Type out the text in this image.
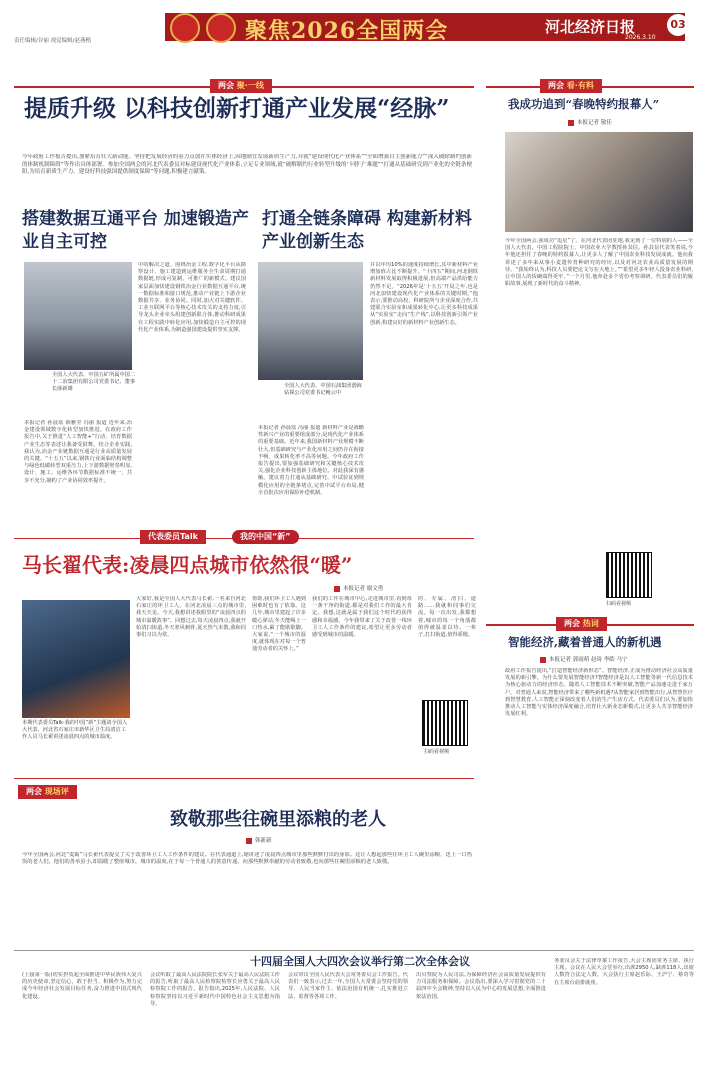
聚焦2026全国两会	河北经济日报
2026.3.10
03
责任编辑/谷丽 视觉编辑/赵燕楷
两会 聚·一线
提质升级 以科技创新打通产业发展“经脉”
今年政府工作报告提出,加紧培育壮大新动能。坚持把发展经济的着力点放在实体经济上,因地制宜发展新质生产力,并就“建设现代化产业体系”“全面增强自主创新能力”“深入破除制约创新的体制机制障碍”等作出具体部署。参加全国两会的河北代表委员对标建设现代化产业体系,立足专业领域,就“破解制约行业转型升级的‘卡脖子’难题”“打通从基础研究到产业化的全链条梗阻,为培育新质生产力、建设好科技强国提供制度保障”等问题,积极建言献策。
搭建数据互通平台 加速锻造产业自主可控
全国人大代表、中国五矿所属中国二十二冶集团有限公司党委书记、董事长薛新雄
本报记者 孙晨瑶 薛雅莹 冯丽 报道 近年来,冶金建设领域数字化转型加快推进。在政府工作报告中,关于推进“人工智能+”行动、培育数据产业生态等表述让我备受鼓舞。结合企业实践,我认为,冶金产业链数据互通是行业高质量发展的关键。“十五五”以来,钢铁行业面临结构调整与绿色低碳转型双重压力,上下游数据壁垒明显,设计、施工、运维各环节数据标准不统一、共享不充分,制约了产业协同效率提升。
中的解决之道。围绕冶金工程,数字化平台从勘察设计、施工建造到运维服务全生命周期打通数据链,形成可复制、可推广的新模式。建议国家层面加快建设钢铁冶金行业数据互通平台,统一数据标准和接口规范,推动产业链上下游企业数据共享、业务协同。同时,加大对关键软件、工业互联网平台等核心技术攻关的支持力度,引导龙头企业牵头组建创新联合体,推动科研成果在工程实践中转化应用,加快锻造自主可控的现代化产业体系,为制造强国建设提供坚实支撑。
打通全链条障碍 构建新材料产业创新生态
全国人大代表、中国石油集团渤海钻探公司党委书记鲍云中
本报记者 孙晨瑶 冯丽 报道 新材料产业是战略性新兴产业的重要组成部分,是现代化产业体系的重要基础。近年来,我国新材料产业规模不断壮大,但基础研究与产业化应用之间仍存在衔接不畅、成果转化率不高等问题。今年政府工作报告提出,要加强基础研究和关键核心技术攻关,强化企业科技创新主体地位。对此我深有感触。建议着力打通从基础研究、中试验证到规模化应用的全链条堵点,完善中试平台布局,健全首批次应用保险补偿机制。
并以年均10%的速度持续增长,其中新材料产业增加值占比不断提升。“十四五”期间,河北钢铁新材料发展取得积极进展,但高端产品供给能力仍然不足。“2026年是‘十五五’开局之年,也是河北加快建设现代化产业体系的关键时期。”他表示,要推动高校、科研院所与企业深度合作,共建联合实验室和成果转化中心,让更多科技成果从“实验室”走向“生产线”,以科技创新引领产业创新,构建良好的新材料产业创新生态。
代表委员Talk	我的中国“新”
马长翟代表:凌晨四点城市依然很“暖”
本报记者 谢文勇
本期代表委员Talk·我的中国“新”主题请全国人大代表、河北省石家庄市新华区卫生局清洁工作人员马长翟讲述凌晨四点的城市温度。
大家好,我是全国人大代表马长翟,一名来自河北石家庄的环卫工人。在河北凌晨三点的城市里,我天天见。今天,我想讲述我眼里的“凌晨四点的城市温暖故事”。回想过去,每天凌晨四点,我就开始清扫街道,冬天寒风刺骨,夏天热气未散,我和同事们习以为常。
帮助,我们环卫工人遇到困难时也有了依靠。这几年,城市里建起了许多暖心驿站,冬天能喝上一口热水,累了能歇歇脚。大家说,“一个城市的温度,就体现在对每一个普通劳动者的关怀上。”
我们的工作在城市中心,走进城市里,看到每一条干净的街道,都是对我们工作的最大肯定。我想,这就是属于我们这个时代的获得感和幸福感。今年我带来了关于改善一线环卫工人工作条件的建议,希望让更多劳动者感受到城市的温暖。
的、专属、清扫、道路……我就和同事们交流。每一次出发,我都想着,城市的每一个角落都值得被温柔以待。一辈子,打扫街道,值得骄傲。
扫码看视频
两会 现场评
致敬那些往碗里添粮的老人
韩新新
今年全国两会,河北“麦霸”马长翟代表提交了关于改善环卫工人工作条件的建议。在代表通道上,她讲述了凌晨四点城市里那些默默付出的身影。这让人想起那些往环卫工人碗里添粮、送上一口热饭的老人们。他们的善举虽小,却温暖了整座城市。城市的温度,在于每一个普通人的善意传递。向那些默默奉献的劳动者致敬,也向那些往碗里添粮的老人致敬。
两会 看·有料
我成功追到“春晚特约报幕人”
本报记者 敬佳
今年全国两会,我成功“追星”了。在河北代表团驻地,我见到了一位特别的人——全国人大代表、中国工程院院士、中国农业大学教授孙其信。孙其信代表笑着说,今年他还担任了春晚的特约报幕人,让更多人了解了中国农业科技发展成就。他向我讲述了多年来从事小麦遗传育种研究的经历,以及对河北农业高质量发展的期待。“我始终认为,科技人员要把论文写在大地上。”“希望更多年轻人投身农业科研,让中国人的饭碗端得更牢。”一个月里,他奔赴多个省份考察调研。代表委员们的履职故事,展现了新时代的奋斗精神。
扫码看视频
两会 热词
智能经济,藏着普通人的新机遇
本报记者 郭雨萌 赵琦 李皓 马宁
政府工作报告提出,“打造智能经济新形态”。智能经济,正成为推动经济社会高质量发展的新引擎。为什么要发展智能经济?智能经济是以人工智能等新一代信息技术为核心驱动力的经济形态。随着人工智能技术不断突破,智能产品加速走进千家万户。对普通人来说,智能经济带来了哪些新机遇?从智能家居到智能出行,从智慧医疗到智慧教育,人工智能正深刻改变着人们的生产生活方式。代表委员们认为,要加快推动人工智能与实体经济深度融合,培育壮大新业态新模式,让更多人共享智能经济发展红利。
十四届全国人大四次会议举行第二次全体会议
(上接第一版)切实担负起全面推进中华民族伟大复兴的历史使命,坚定信心、敢于担当、积极作为,努力完成今年经济社会发展目标任务,奋力推进中国式现代化建设。
会议听取了最高人民法院院长张军关于最高人民法院工作的报告,听取了最高人民检察院检察长应勇关于最高人民检察院工作的报告。报告指出,2025年,人民法院、人民检察院坚持以习近平新时代中国特色社会主义思想为指导。
会议审议全国人民代表大会常务委员会工作报告。代表们一致表示,过去一年,全国人大常委会坚持党的领导、人民当家作主、依法治国有机统一,扎实推进立法、监督等各项工作。
出贝察院为人民司法,为保障经济社会高质量发展提供有力司法服务和保障。会议指出,要深入学习贯彻党的二十届四中全会精神,坚持以人民为中心的发展思想,全面推进依法治国。
务委员会关于法律草案工作报告,大会主席团常务主席、执行主席。会议在人民大会堂举行,出席2950人,缺席118人,出席人数符合法定人数。大会执行主席赵乐际、王沪宁、蔡奇等在主席台前排就座。
